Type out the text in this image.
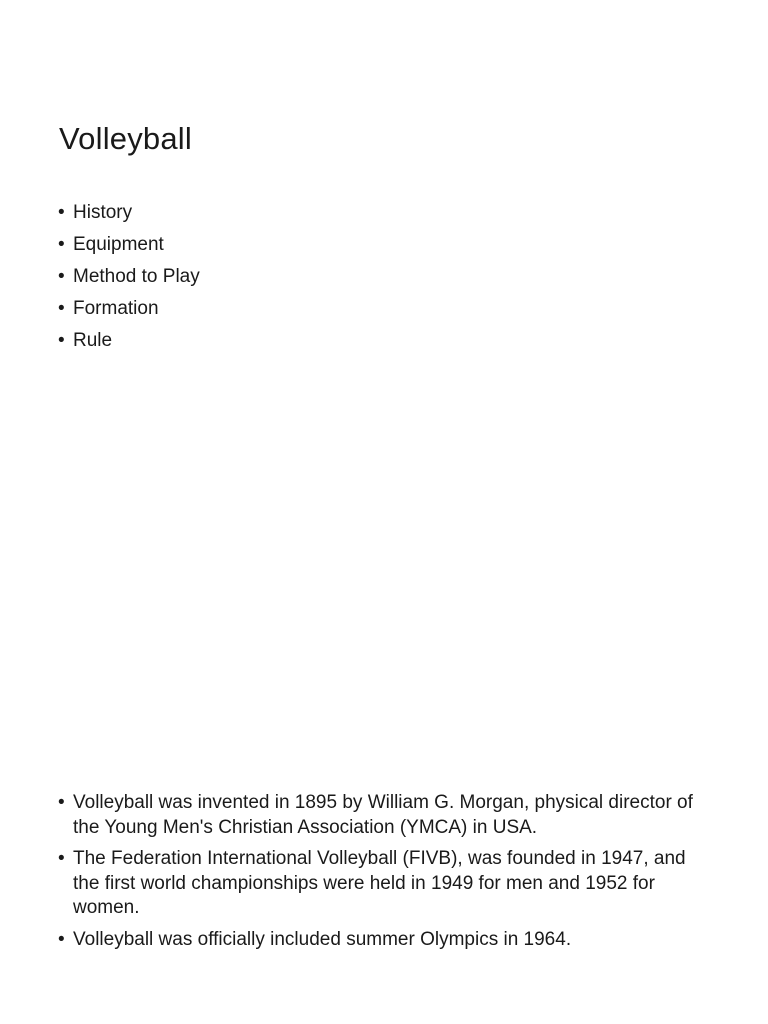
Volleyball
• History
• Equipment
• Method to Play
• Formation
• Rule
• Volleyball was invented in 1895 by William G. Morgan, physical director of the Young Men's Christian Association (YMCA) in USA.
• The Federation International Volleyball (FIVB), was founded in 1947, and the first world championships were held in 1949 for men and 1952 for women.
• Volleyball was officially included summer Olympics in 1964.
